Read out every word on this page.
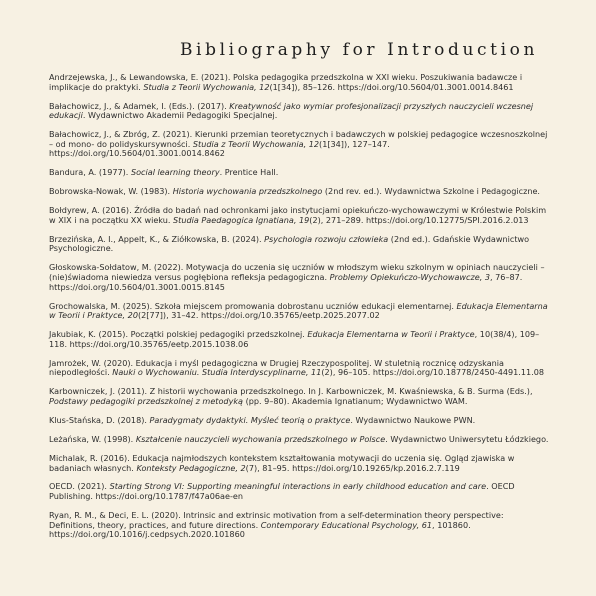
Bibliography for Introduction
Andrzejewska, J., & Lewandowska, E. (2021). Polska pedagogika przedszkolna w XXI wieku. Poszukiwania badawcze i implikacje do praktyki. Studia z Teorii Wychowania, 12(1[34]), 85–126. https://doi.org/10.5604/01.3001.0014.8461
Bałachowicz, J., & Adamek, I. (Eds.). (2017). Kreatywność jako wymiar profesjonalizacji przyszłych nauczycieli wczesnej edukacji. Wydawnictwo Akademii Pedagogiki Specjalnej.
Bałachowicz, J., & Zbróg, Z. (2021). Kierunki przemian teoretycznych i badawczych w polskiej pedagogice wczesnoszkolnej – od mono- do polidyskursywności. Studia z Teorii Wychowania, 12(1[34]), 127–147. https://doi.org/10.5604/01.3001.0014.8462
Bandura, A. (1977). Social learning theory. Prentice Hall.
Bobrowska-Nowak, W. (1983). Historia wychowania przedszkolnego (2nd rev. ed.). Wydawnictwa Szkolne i Pedagogiczne.
Bołdyrew, A. (2016). Źródła do badań nad ochronkami jako instytucjami opiekuńczo-wychowawczymi w Królestwie Polskim w XIX i na początku XX wieku. Studia Paedagogica Ignatiana, 19(2), 271–289. https://doi.org/10.12775/SPI.2016.2.013
Brzezińska, A. I., Appelt, K., & Ziółkowska, B. (2024). Psychologia rozwoju człowieka (2nd ed.). Gdańskie Wydawnictwo Psychologiczne.
Głoskowska-Sołdatow, M. (2022). Motywacja do uczenia się uczniów w młodszym wieku szkolnym w opiniach nauczycieli – (nie)świadoma niewiedza versus pogłębiona refleksja pedagogiczna. Problemy Opiekuńczo-Wychowawcze, 3, 76–87. https://doi.org/10.5604/01.3001.0015.8145
Grochowalska, M. (2025). Szkoła miejscem promowania dobrostanu uczniów edukacji elementarnej. Edukacja Elementarna w Teorii i Praktyce, 20(2[77]), 31–42. https://doi.org/10.35765/eetp.2025.2077.02
Jakubiak, K. (2015). Początki polskiej pedagogiki przedszkolnej. Edukacja Elementarna w Teorii i Praktyce, 10(38/4), 109–118. https://doi.org/10.35765/eetp.2015.1038.06
Jamrożek, W. (2020). Edukacja i myśl pedagogiczna w Drugiej Rzeczypospolitej. W stuletnią rocznicę odzyskania niepodległości. Nauki o Wychowaniu. Studia Interdyscyplinarne, 11(2), 96–105. https://doi.org/10.18778/2450-4491.11.08
Karbowniczek, J. (2011). Z historii wychowania przedszkolnego. In J. Karbowniczek, M. Kwaśniewska, & B. Surma (Eds.), Podstawy pedagogiki przedszkolnej z metodyką (pp. 9–80). Akademia Ignatianum; Wydawnictwo WAM.
Klus-Stańska, D. (2018). Paradygmaty dydaktyki. Myśleć teorią o praktyce. Wydawnictwo Naukowe PWN.
Leżańska, W. (1998). Kształcenie nauczycieli wychowania przedszkolnego w Polsce. Wydawnictwo Uniwersytetu Łódzkiego.
Michalak, R. (2016). Edukacja najmłodszych kontekstem kształtowania motywacji do uczenia się. Ogląd zjawiska w badaniach własnych. Konteksty Pedagogiczne, 2(7), 81–95. https://doi.org/10.19265/kp.2016.2.7.119
OECD. (2021). Starting Strong VI: Supporting meaningful interactions in early childhood education and care. OECD Publishing. https://doi.org/10.1787/f47a06ae-en
Ryan, R. M., & Deci, E. L. (2020). Intrinsic and extrinsic motivation from a self-determination theory perspective: Definitions, theory, practices, and future directions. Contemporary Educational Psychology, 61, 101860. https://doi.org/10.1016/j.cedpsych.2020.101860
